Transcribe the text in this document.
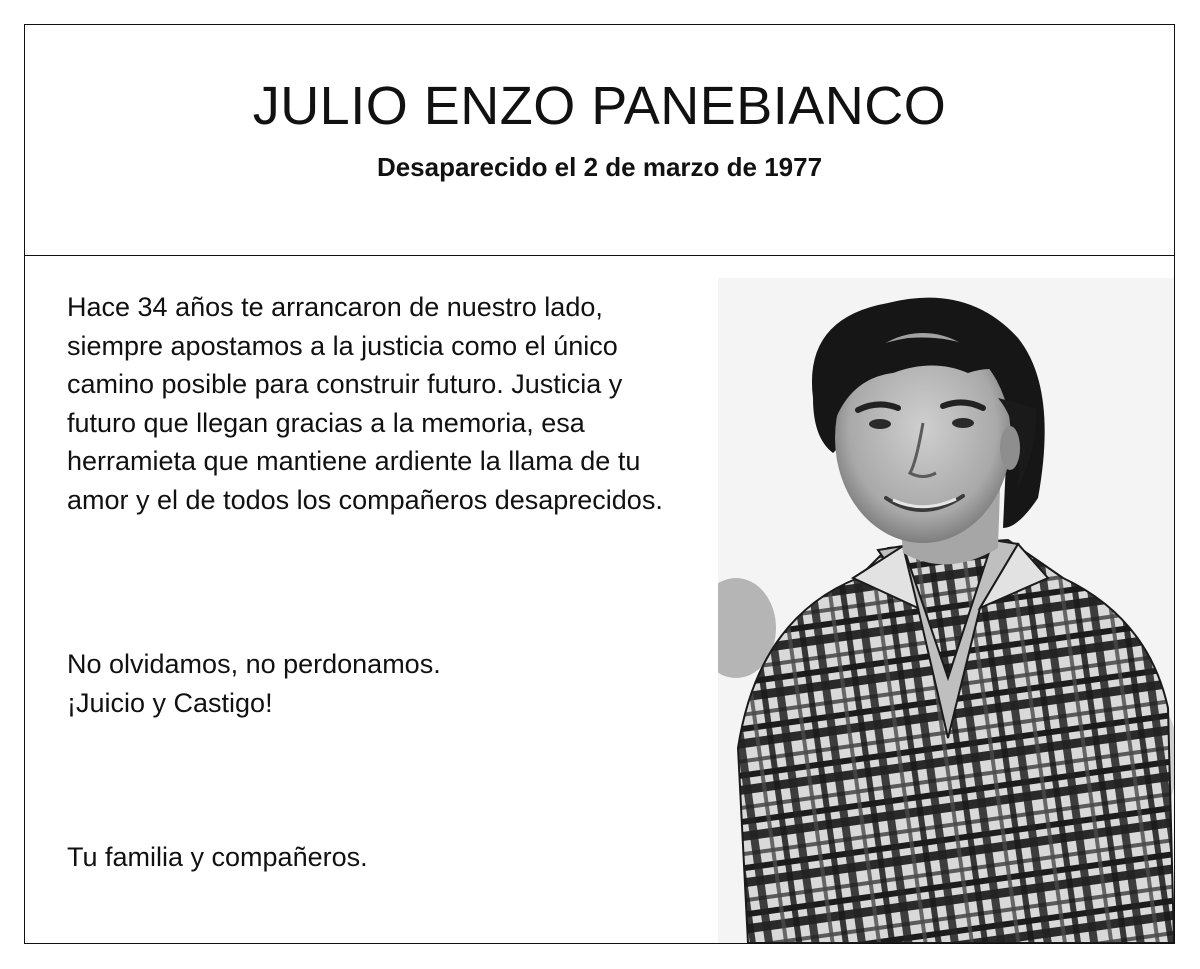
JULIO ENZO PANEBIANCO
Desaparecido el 2 de marzo de 1977

Hace 34 años te arrancaron de nuestro lado, siempre apostamos a la justicia como el único camino posible para construir futuro. Justicia y futuro que llegan gracias a la memoria, esa herramieta que mantiene ardiente la llama de tu amor y el de todos los compañeros desaprecidos.

No olvidamos, no perdonamos.
¡Juicio y Castigo!

Tu familia y compañeros.
